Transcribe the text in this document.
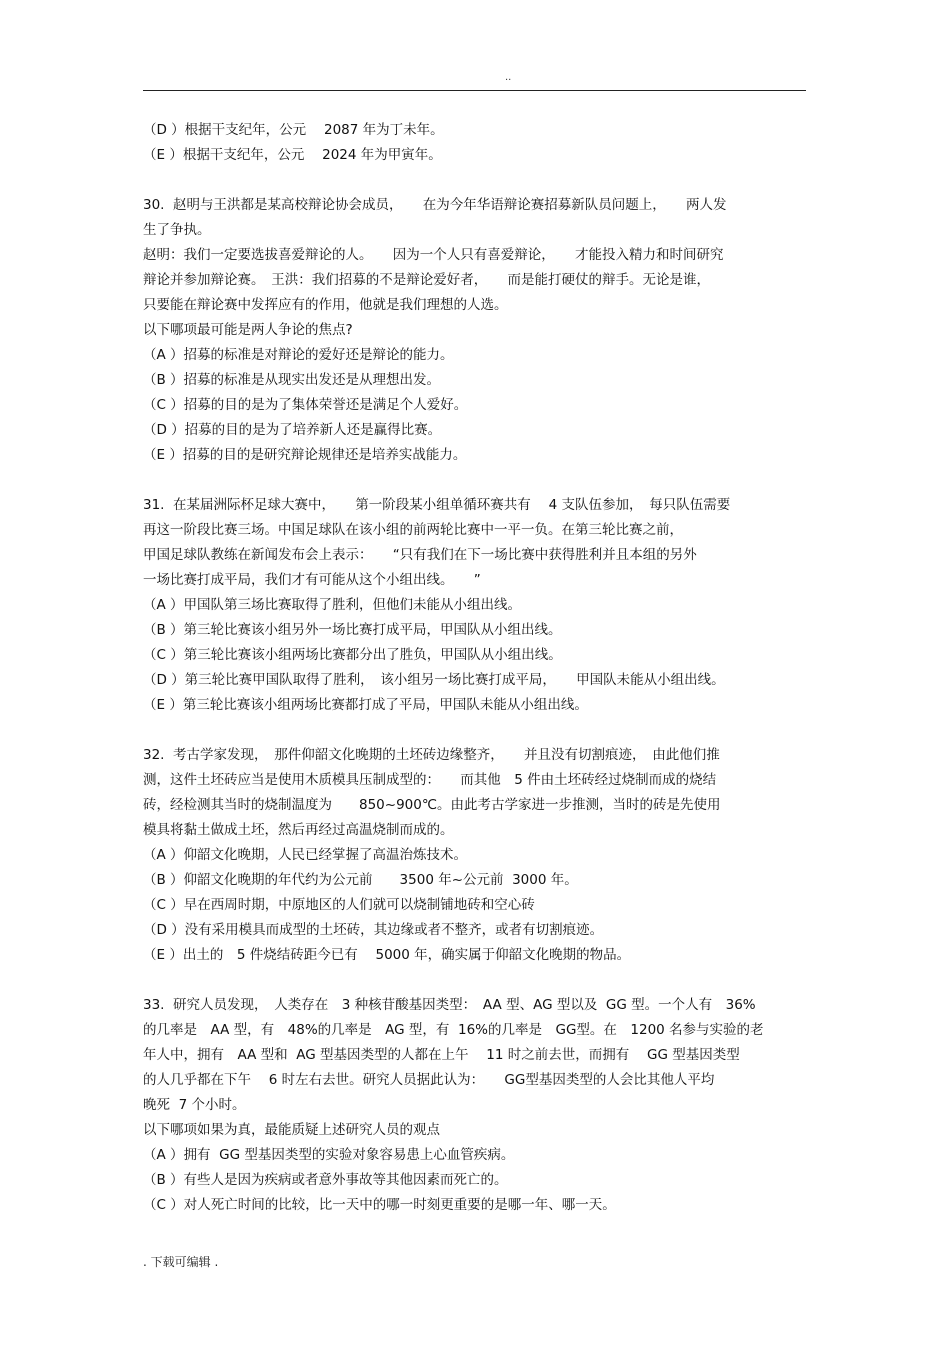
..
（D ）根据干支纪年，公元　 2087 年为丁未年。
（E ）根据干支纪年，公元　 2024 年为甲寅年。
30.  赵明与王洪都是某高校辩论协会成员，　　在为今年华语辩论赛招募新队员问题上，　　两人发
生了争执。
赵明：我们一定要选拔喜爱辩论的人。　　因为一个人只有喜爱辩论，　　才能投入精力和时间研究
辩论并参加辩论赛。　王洪：我们招募的不是辩论爱好者，　　而是能打硬仗的辩手。无论是谁，
只要能在辩论赛中发挥应有的作用，他就是我们理想的人选。
以下哪项最可能是两人争论的焦点?
（A ）招募的标准是对辩论的爱好还是辩论的能力。
（B ）招募的标准是从现实出发还是从理想出发。
（C ）招募的目的是为了集体荣誉还是满足个人爱好。
（D ）招募的目的是为了培养新人还是赢得比赛。
（E ）招募的目的是研究辩论规律还是培养实战能力。
31.  在某届洲际杯足球大赛中，　　第一阶段某小组单循环赛共有　 4 支队伍参加，　每只队伍需要
再这一阶段比赛三场。中国足球队在该小组的前两轮比赛中一平一负。在第三轮比赛之前，
甲国足球队教练在新闻发布会上表示：　　“只有我们在下一场比赛中获得胜利并且本组的另外
一场比赛打成平局，我们才有可能从这个小组出线。　　”
（A ）甲国队第三场比赛取得了胜利，但他们未能从小组出线。
（B ）第三轮比赛该小组另外一场比赛打成平局，甲国队从小组出线。
（C ）第三轮比赛该小组两场比赛都分出了胜负，甲国队从小组出线。
（D ）第三轮比赛甲国队取得了胜利，　该小组另一场比赛打成平局，　　甲国队未能从小组出线。
（E ）第三轮比赛该小组两场比赛都打成了平局，甲国队未能从小组出线。
32.  考古学家发现，　那件仰韶文化晚期的土坯砖边缘整齐，　　并且没有切割痕迹，　由此他们推
测，这件土坯砖应当是使用木质模具压制成型的：　　而其他　5 件由土坯砖经过烧制而成的烧结
砖，经检测其当时的烧制温度为　　850~900℃。由此考古学家进一步推测，当时的砖是先使用
模具将黏土做成土坯，然后再经过高温烧制而成的。
（A ）仰韶文化晚期，人民已经掌握了高温治炼技术。
（B ）仰韶文化晚期的年代约为公元前　　3500 年~公元前  3000 年。
（C ）早在西周时期，中原地区的人们就可以烧制铺地砖和空心砖
（D ）没有采用模具而成型的土坯砖，其边缘或者不整齐，或者有切割痕迹。
（E ）出土的　5 件烧结砖距今已有　 5000 年，确实属于仰韶文化晚期的物品。
33.  研究人员发现，　人类存在　3 种核苷酸基因类型：　AA 型、AG 型以及  GG 型。一个人有　36%
的几率是　AA 型，有　48%的几率是　AG 型，有  16%的几率是　GG型。在　1200 名参与实验的老
年人中，拥有　AA 型和  AG 型基因类型的人都在上午　 11 时之前去世，而拥有　 GG 型基因类型
的人几乎都在下午　 6 时左右去世。研究人员据此认为：　　GG型基因类型的人会比其他人平均
晚死  7 个小时。
以下哪项如果为真，最能质疑上述研究人员的观点
（A ）拥有  GG 型基因类型的实验对象容易患上心血管疾病。
（B ）有些人是因为疾病或者意外事故等其他因素而死亡的。
（C ）对人死亡时间的比较，比一天中的哪一时刻更重要的是哪一年、哪一天。
. 下载可编辑 .
